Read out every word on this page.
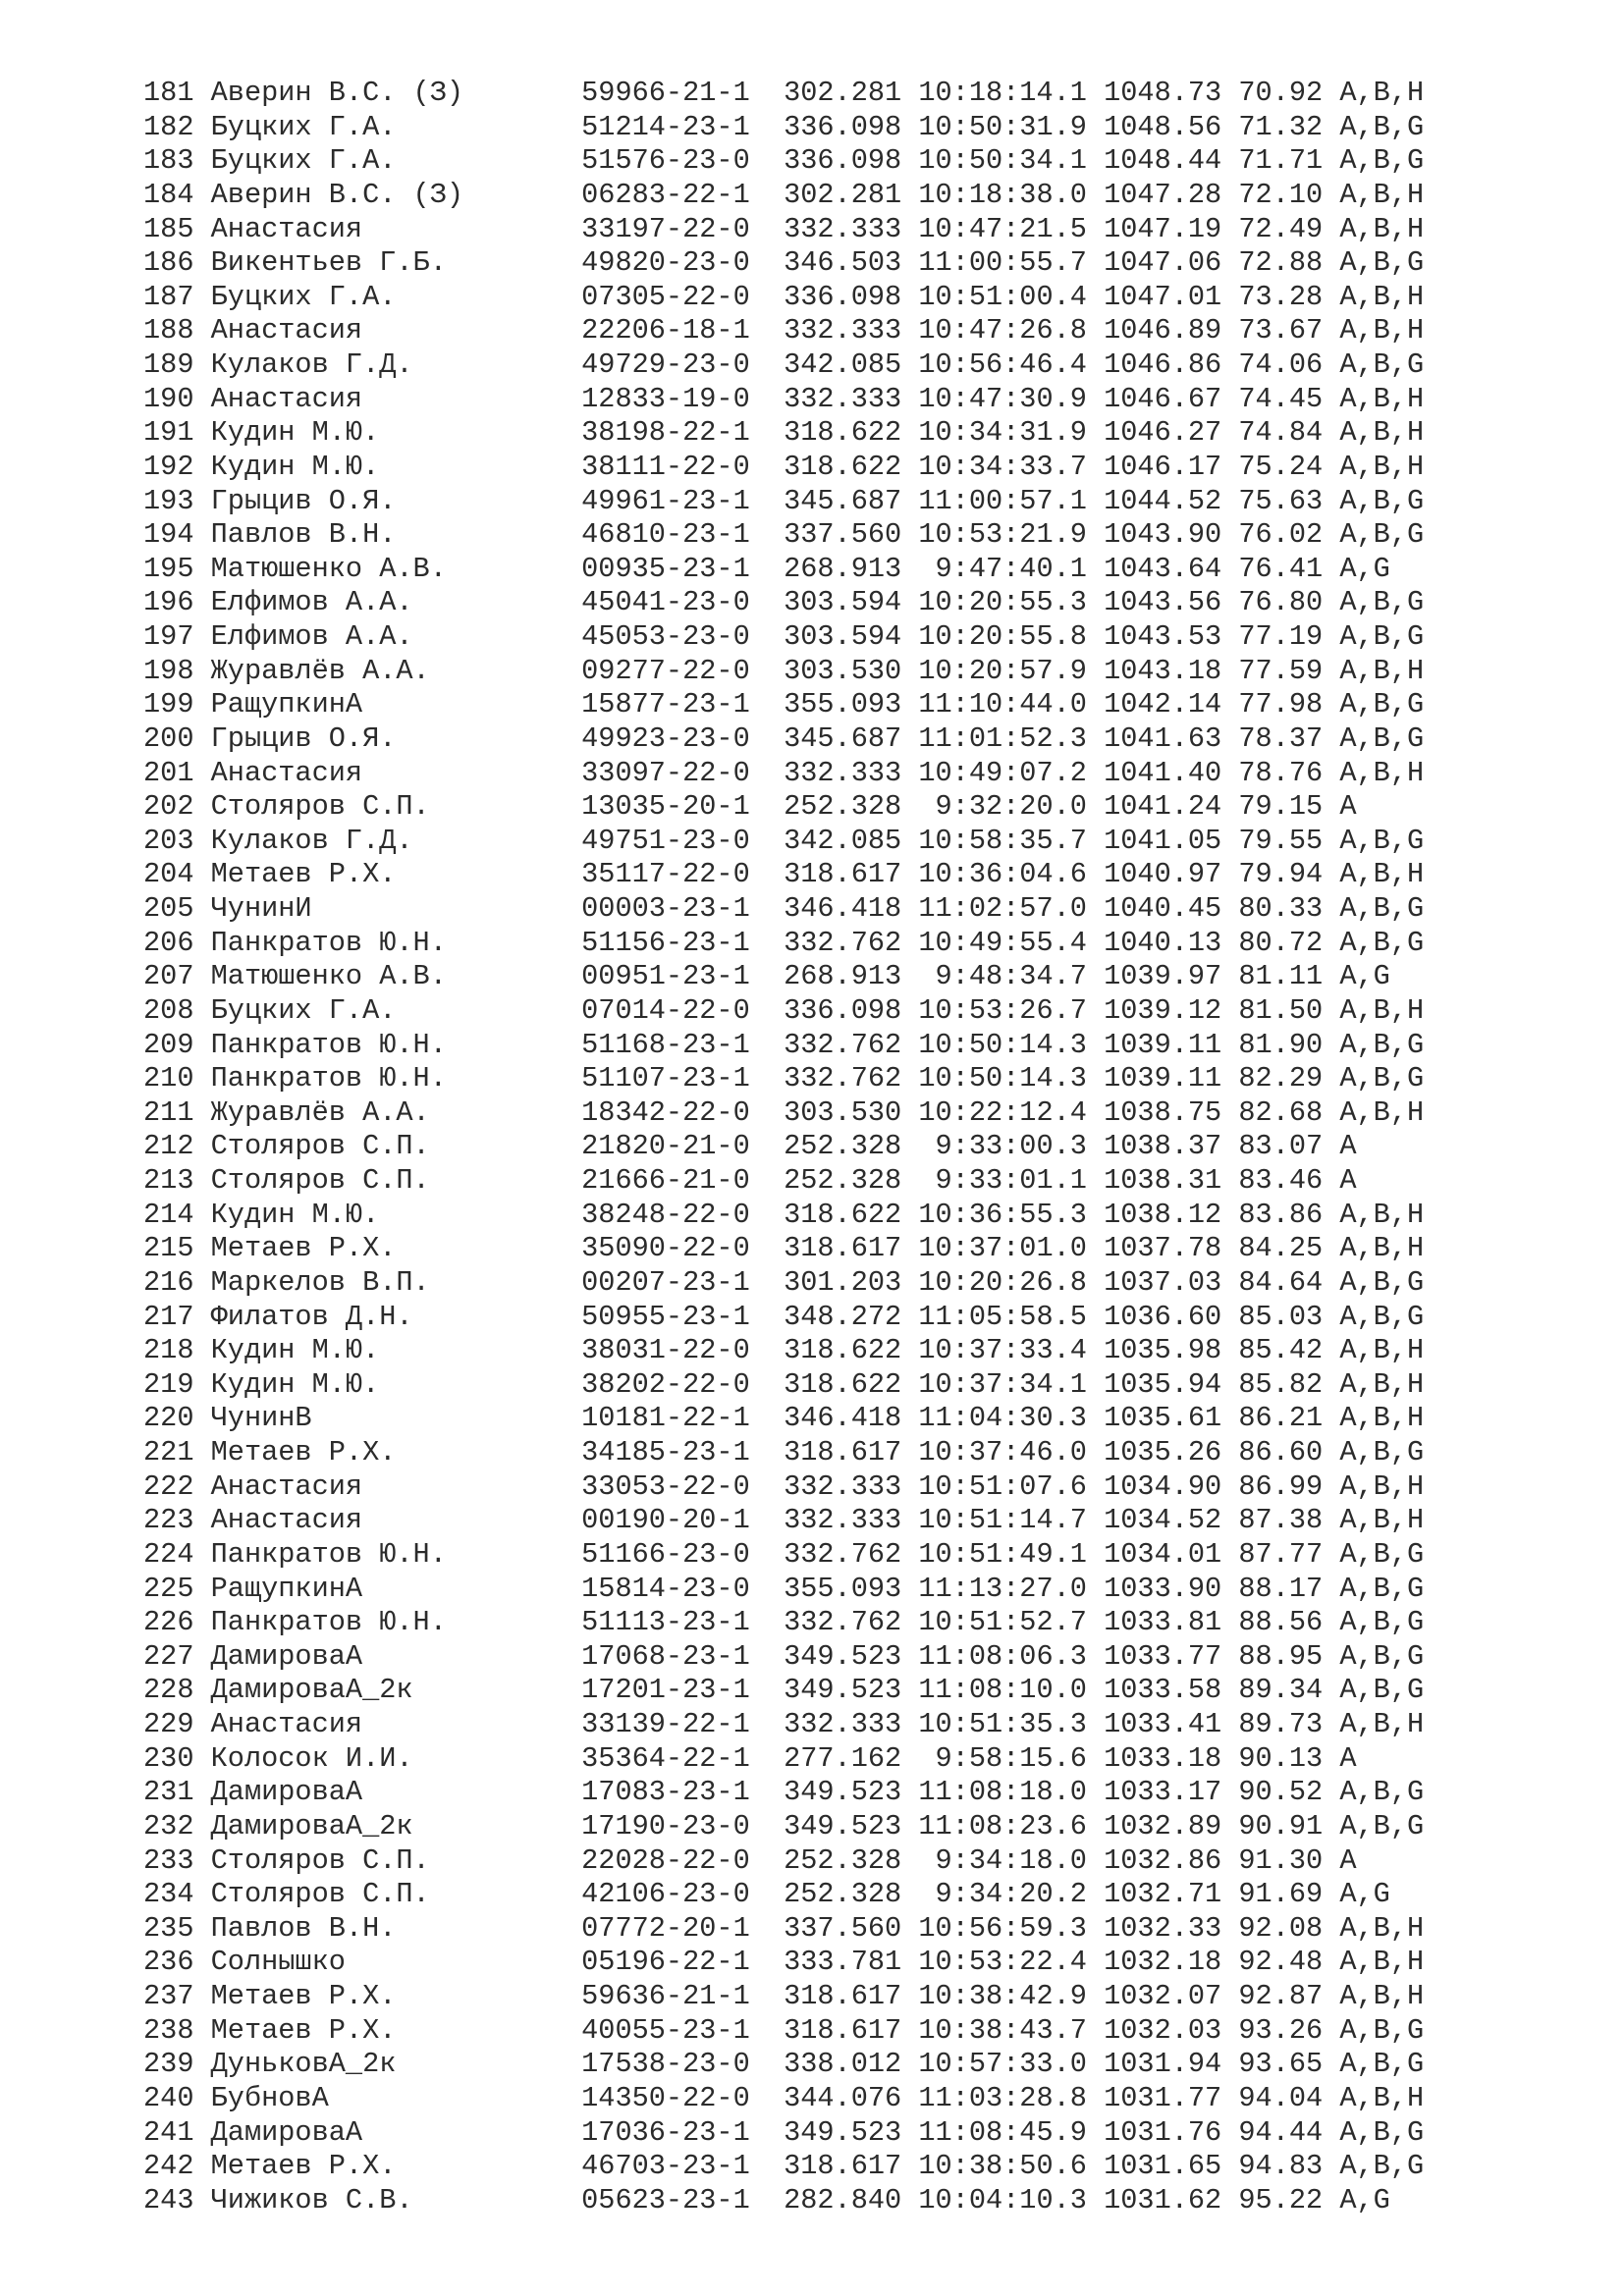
181 Аверин В.С. (З)       59966-21-1  302.281 10:18:14.1 1048.73 70.92 A,B,H
182 Буцких Г.А.           51214-23-1  336.098 10:50:31.9 1048.56 71.32 A,B,G
183 Буцких Г.А.           51576-23-0  336.098 10:50:34.1 1048.44 71.71 A,B,G
184 Аверин В.С. (З)       06283-22-1  302.281 10:18:38.0 1047.28 72.10 A,B,H
185 Анастасия             33197-22-0  332.333 10:47:21.5 1047.19 72.49 A,B,H
186 Викентьев Г.Б.        49820-23-0  346.503 11:00:55.7 1047.06 72.88 A,B,G
187 Буцких Г.А.           07305-22-0  336.098 10:51:00.4 1047.01 73.28 A,B,H
188 Анастасия             22206-18-1  332.333 10:47:26.8 1046.89 73.67 A,B,H
189 Кулаков Г.Д.          49729-23-0  342.085 10:56:46.4 1046.86 74.06 A,B,G
190 Анастасия             12833-19-0  332.333 10:47:30.9 1046.67 74.45 A,B,H
191 Кудин М.Ю.            38198-22-1  318.622 10:34:31.9 1046.27 74.84 A,B,H
192 Кудин М.Ю.            38111-22-0  318.622 10:34:33.7 1046.17 75.24 A,B,H
193 Грыцив О.Я.           49961-23-1  345.687 11:00:57.1 1044.52 75.63 A,B,G
194 Павлов В.Н.           46810-23-1  337.560 10:53:21.9 1043.90 76.02 A,B,G
195 Матюшенко А.В.        00935-23-1  268.913  9:47:40.1 1043.64 76.41 A,G
196 Елфимов А.А.          45041-23-0  303.594 10:20:55.3 1043.56 76.80 A,B,G
197 Елфимов А.А.          45053-23-0  303.594 10:20:55.8 1043.53 77.19 A,B,G
198 Журавлёв А.А.         09277-22-0  303.530 10:20:57.9 1043.18 77.59 A,B,H
199 РащупкинА             15877-23-1  355.093 11:10:44.0 1042.14 77.98 A,B,G
200 Грыцив О.Я.           49923-23-0  345.687 11:01:52.3 1041.63 78.37 A,B,G
201 Анастасия             33097-22-0  332.333 10:49:07.2 1041.40 78.76 A,B,H
202 Столяров С.П.         13035-20-1  252.328  9:32:20.0 1041.24 79.15 A
203 Кулаков Г.Д.          49751-23-0  342.085 10:58:35.7 1041.05 79.55 A,B,G
204 Метаев Р.Х.           35117-22-0  318.617 10:36:04.6 1040.97 79.94 A,B,H
205 ЧунинИ                00003-23-1  346.418 11:02:57.0 1040.45 80.33 A,B,G
206 Панкратов Ю.Н.        51156-23-1  332.762 10:49:55.4 1040.13 80.72 A,B,G
207 Матюшенко А.В.        00951-23-1  268.913  9:48:34.7 1039.97 81.11 A,G
208 Буцких Г.А.           07014-22-0  336.098 10:53:26.7 1039.12 81.50 A,B,H
209 Панкратов Ю.Н.        51168-23-1  332.762 10:50:14.3 1039.11 81.90 A,B,G
210 Панкратов Ю.Н.        51107-23-1  332.762 10:50:14.3 1039.11 82.29 A,B,G
211 Журавлёв А.А.         18342-22-0  303.530 10:22:12.4 1038.75 82.68 A,B,H
212 Столяров С.П.         21820-21-0  252.328  9:33:00.3 1038.37 83.07 A
213 Столяров С.П.         21666-21-0  252.328  9:33:01.1 1038.31 83.46 A
214 Кудин М.Ю.            38248-22-0  318.622 10:36:55.3 1038.12 83.86 A,B,H
215 Метаев Р.Х.           35090-22-0  318.617 10:37:01.0 1037.78 84.25 A,B,H
216 Маркелов В.П.         00207-23-1  301.203 10:20:26.8 1037.03 84.64 A,B,G
217 Филатов Д.Н.          50955-23-1  348.272 11:05:58.5 1036.60 85.03 A,B,G
218 Кудин М.Ю.            38031-22-0  318.622 10:37:33.4 1035.98 85.42 A,B,H
219 Кудин М.Ю.            38202-22-0  318.622 10:37:34.1 1035.94 85.82 A,B,H
220 ЧунинВ                10181-22-1  346.418 11:04:30.3 1035.61 86.21 A,B,H
221 Метаев Р.Х.           34185-23-1  318.617 10:37:46.0 1035.26 86.60 A,B,G
222 Анастасия             33053-22-0  332.333 10:51:07.6 1034.90 86.99 A,B,H
223 Анастасия             00190-20-1  332.333 10:51:14.7 1034.52 87.38 A,B,H
224 Панкратов Ю.Н.        51166-23-0  332.762 10:51:49.1 1034.01 87.77 A,B,G
225 РащупкинА             15814-23-0  355.093 11:13:27.0 1033.90 88.17 A,B,G
226 Панкратов Ю.Н.        51113-23-1  332.762 10:51:52.7 1033.81 88.56 A,B,G
227 ДамироваА             17068-23-1  349.523 11:08:06.3 1033.77 88.95 A,B,G
228 ДамироваА_2к          17201-23-1  349.523 11:08:10.0 1033.58 89.34 A,B,G
229 Анастасия             33139-22-1  332.333 10:51:35.3 1033.41 89.73 A,B,H
230 Колосок И.И.          35364-22-1  277.162  9:58:15.6 1033.18 90.13 A
231 ДамироваА             17083-23-1  349.523 11:08:18.0 1033.17 90.52 A,B,G
232 ДамироваА_2к          17190-23-0  349.523 11:08:23.6 1032.89 90.91 A,B,G
233 Столяров С.П.         22028-22-0  252.328  9:34:18.0 1032.86 91.30 A
234 Столяров С.П.         42106-23-0  252.328  9:34:20.2 1032.71 91.69 A,G
235 Павлов В.Н.           07772-20-1  337.560 10:56:59.3 1032.33 92.08 A,B,H
236 Солнышко              05196-22-1  333.781 10:53:22.4 1032.18 92.48 A,B,H
237 Метаев Р.Х.           59636-21-1  318.617 10:38:42.9 1032.07 92.87 A,B,H
238 Метаев Р.Х.           40055-23-1  318.617 10:38:43.7 1032.03 93.26 A,B,G
239 ДуньковА_2к           17538-23-0  338.012 10:57:33.0 1031.94 93.65 A,B,G
240 БубновА               14350-22-0  344.076 11:03:28.8 1031.77 94.04 A,B,H
241 ДамироваА             17036-23-1  349.523 11:08:45.9 1031.76 94.44 A,B,G
242 Метаев Р.Х.           46703-23-1  318.617 10:38:50.6 1031.65 94.83 A,B,G
243 Чижиков С.В.          05623-23-1  282.840 10:04:10.3 1031.62 95.22 A,G
